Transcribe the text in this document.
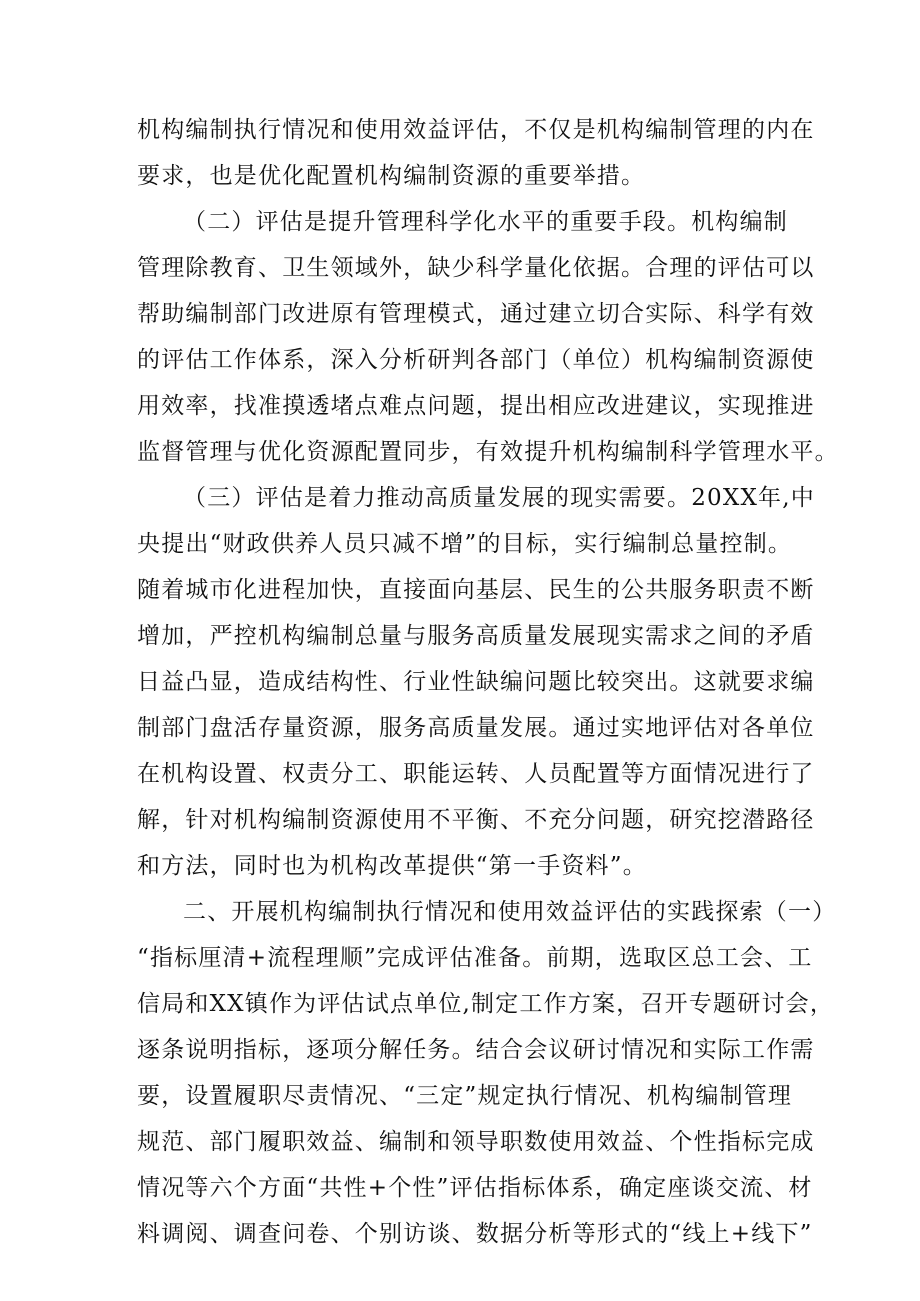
机构编制执行情况和使用效益评估，不仅是机构编制管理的内在
要求，也是优化配置机构编制资源的重要举措。
（二）评估是提升管理科学化水平的重要手段。机构编制
管理除教育、卫生领域外，缺少科学量化依据。合理的评估可以
帮助编制部门改进原有管理模式，通过建立切合实际、科学有效
的评估工作体系，深入分析研判各部门（单位）机构编制资源使
用效率，找准摸透堵点难点问题，提出相应改进建议，实现推进
监督管理与优化资源配置同步，有效提升机构编制科学管理水平。
（三）评估是着力推动高质量发展的现实需要。20XX年,中
央提出“财政供养人员只减不增”的目标，实行编制总量控制。
随着城市化进程加快，直接面向基层、民生的公共服务职责不断
增加，严控机构编制总量与服务高质量发展现实需求之间的矛盾
日益凸显，造成结构性、行业性缺编问题比较突出。这就要求编
制部门盘活存量资源，服务高质量发展。通过实地评估对各单位
在机构设置、权责分工、职能运转、人员配置等方面情况进行了
解，针对机构编制资源使用不平衡、不充分问题，研究挖潜路径
和方法，同时也为机构改革提供“第一手资料”。
二、开展机构编制执行情况和使用效益评估的实践探索（一）
“指标厘清+流程理顺”完成评估准备。前期，选取区总工会、工
信局和XX镇作为评估试点单位,制定工作方案，召开专题研讨会，
逐条说明指标，逐项分解任务。结合会议研讨情况和实际工作需
要，设置履职尽责情况、“三定”规定执行情况、机构编制管理
规范、部门履职效益、编制和领导职数使用效益、个性指标完成
情况等六个方面“共性+个性”评估指标体系，确定座谈交流、材
料调阅、调查问卷、个别访谈、数据分析等形式的“线上+线下”
